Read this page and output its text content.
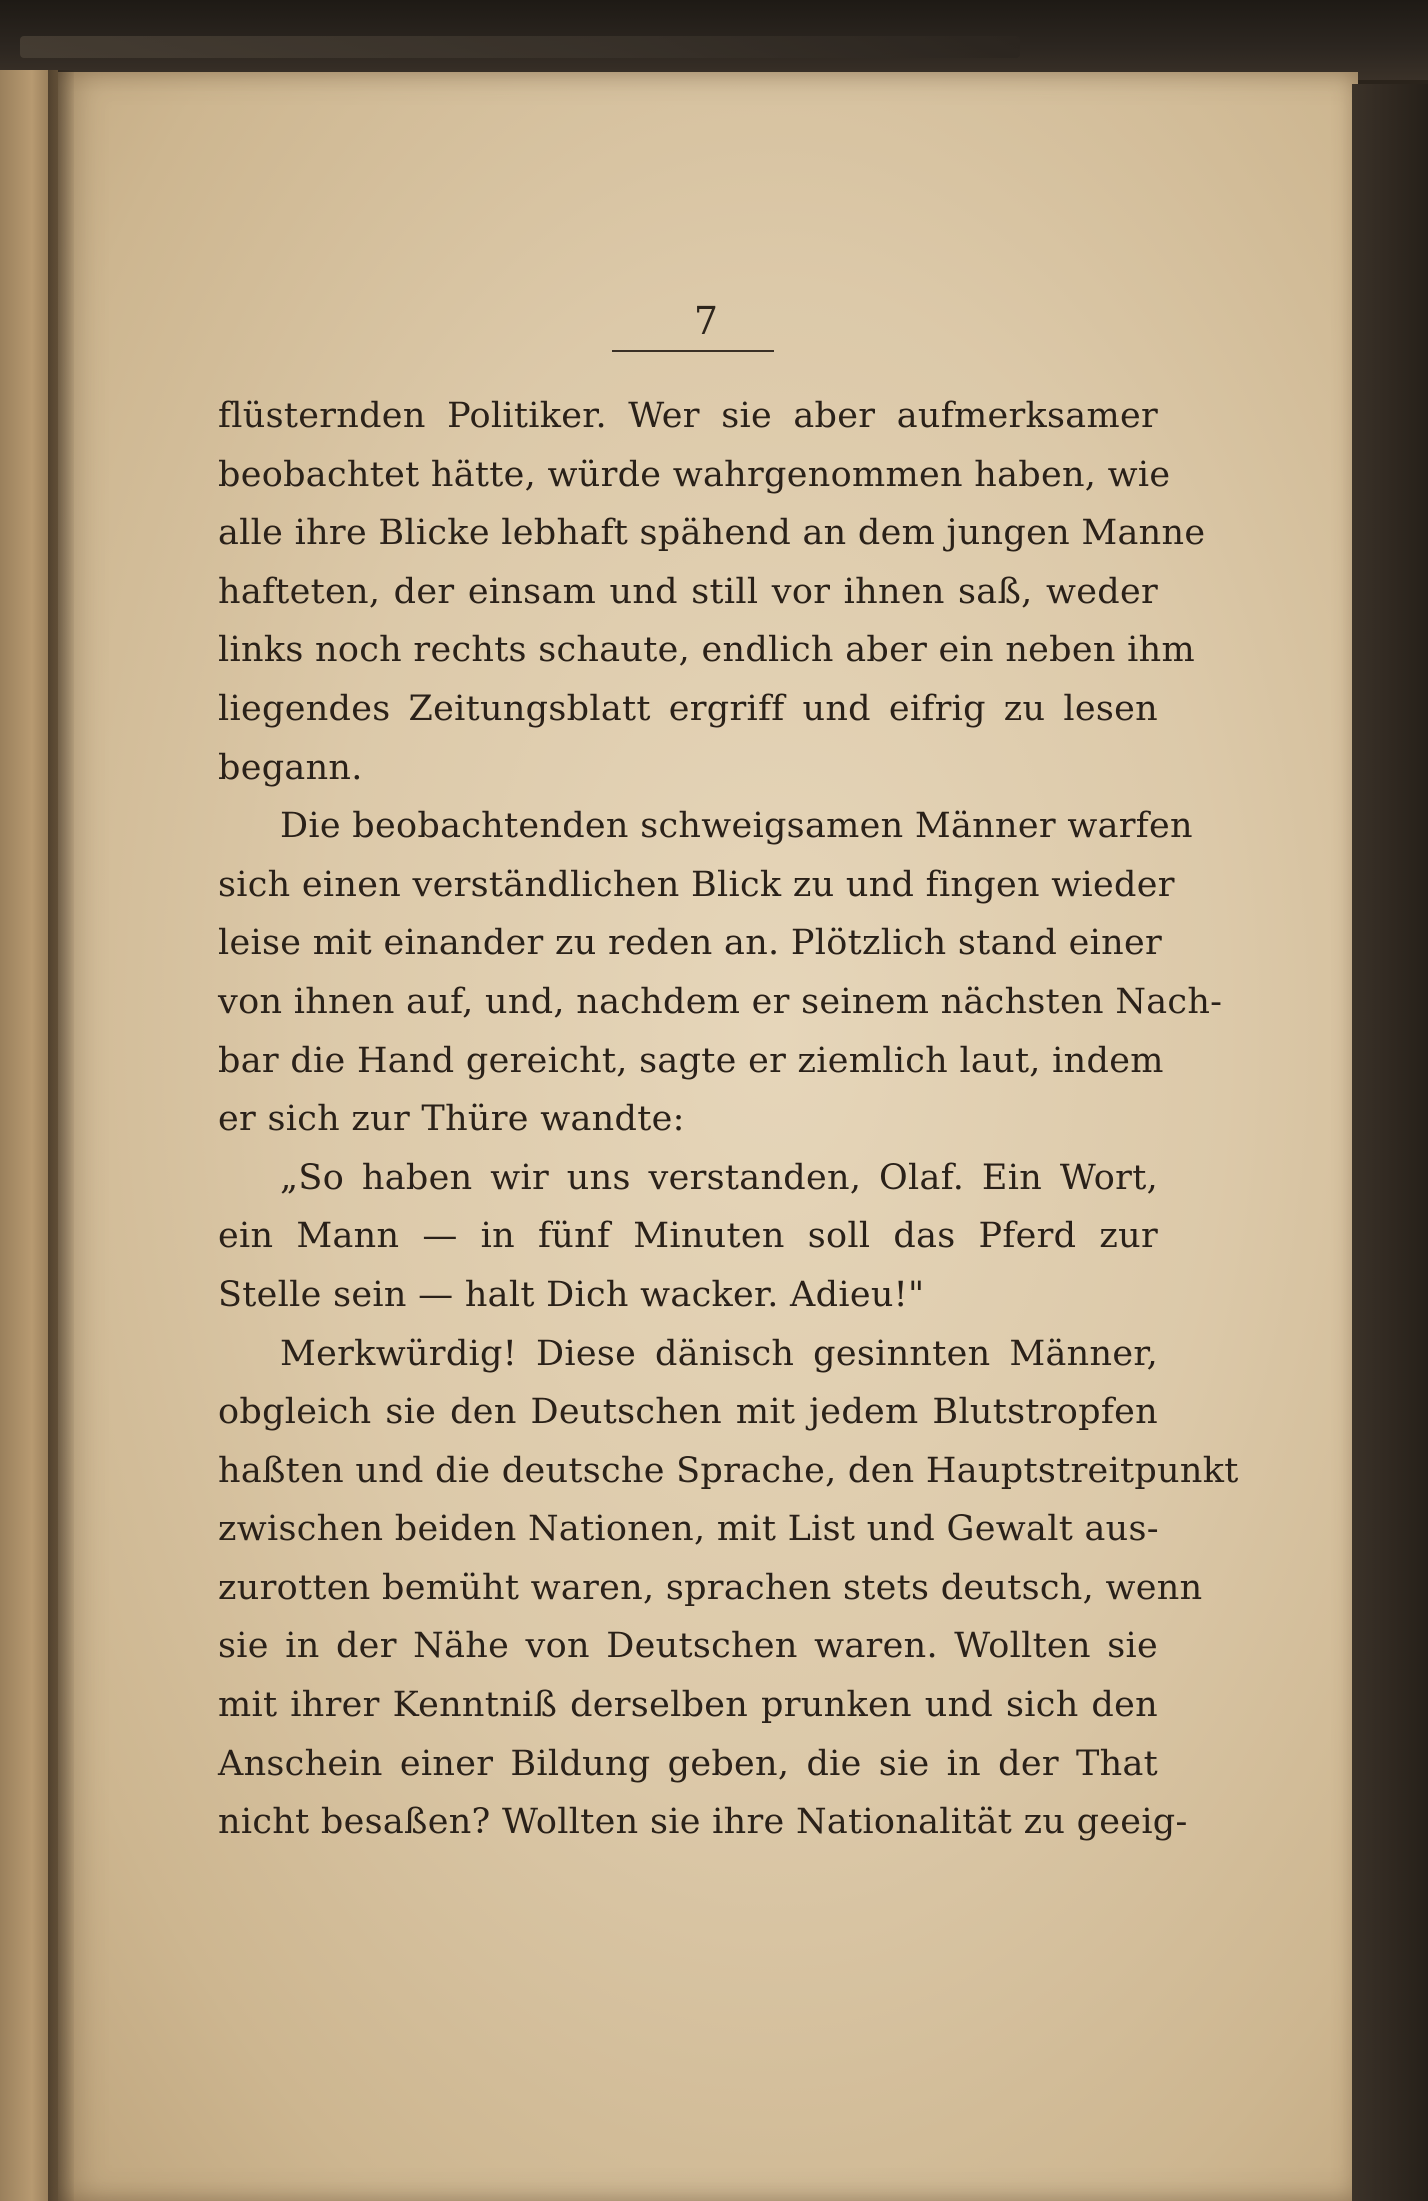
7
flüsternden Politiker. Wer sie aber aufmerksamer
beobachtet hätte, würde wahrgenommen haben, wie
alle ihre Blicke lebhaft spähend an dem jungen Manne
hafteten, der einsam und still vor ihnen saß, weder
links noch rechts schaute, endlich aber ein neben ihm
liegendes Zeitungsblatt ergriff und eifrig zu lesen
begann.
Die beobachtenden schweigsamen Männer warfen
sich einen verständlichen Blick zu und fingen wieder
leise mit einander zu reden an. Plötzlich stand einer
von ihnen auf, und, nachdem er seinem nächsten Nach-
bar die Hand gereicht, sagte er ziemlich laut, indem
er sich zur Thüre wandte:
„So haben wir uns verstanden, Olaf. Ein Wort,
ein Mann — in fünf Minuten soll das Pferd zur
Stelle sein — halt Dich wacker. Adieu!"
Merkwürdig! Diese dänisch gesinnten Männer,
obgleich sie den Deutschen mit jedem Blutstropfen
haßten und die deutsche Sprache, den Hauptstreitpunkt
zwischen beiden Nationen, mit List und Gewalt aus-
zurotten bemüht waren, sprachen stets deutsch, wenn
sie in der Nähe von Deutschen waren. Wollten sie
mit ihrer Kenntniß derselben prunken und sich den
Anschein einer Bildung geben, die sie in der That
nicht besaßen? Wollten sie ihre Nationalität zu geeig-
